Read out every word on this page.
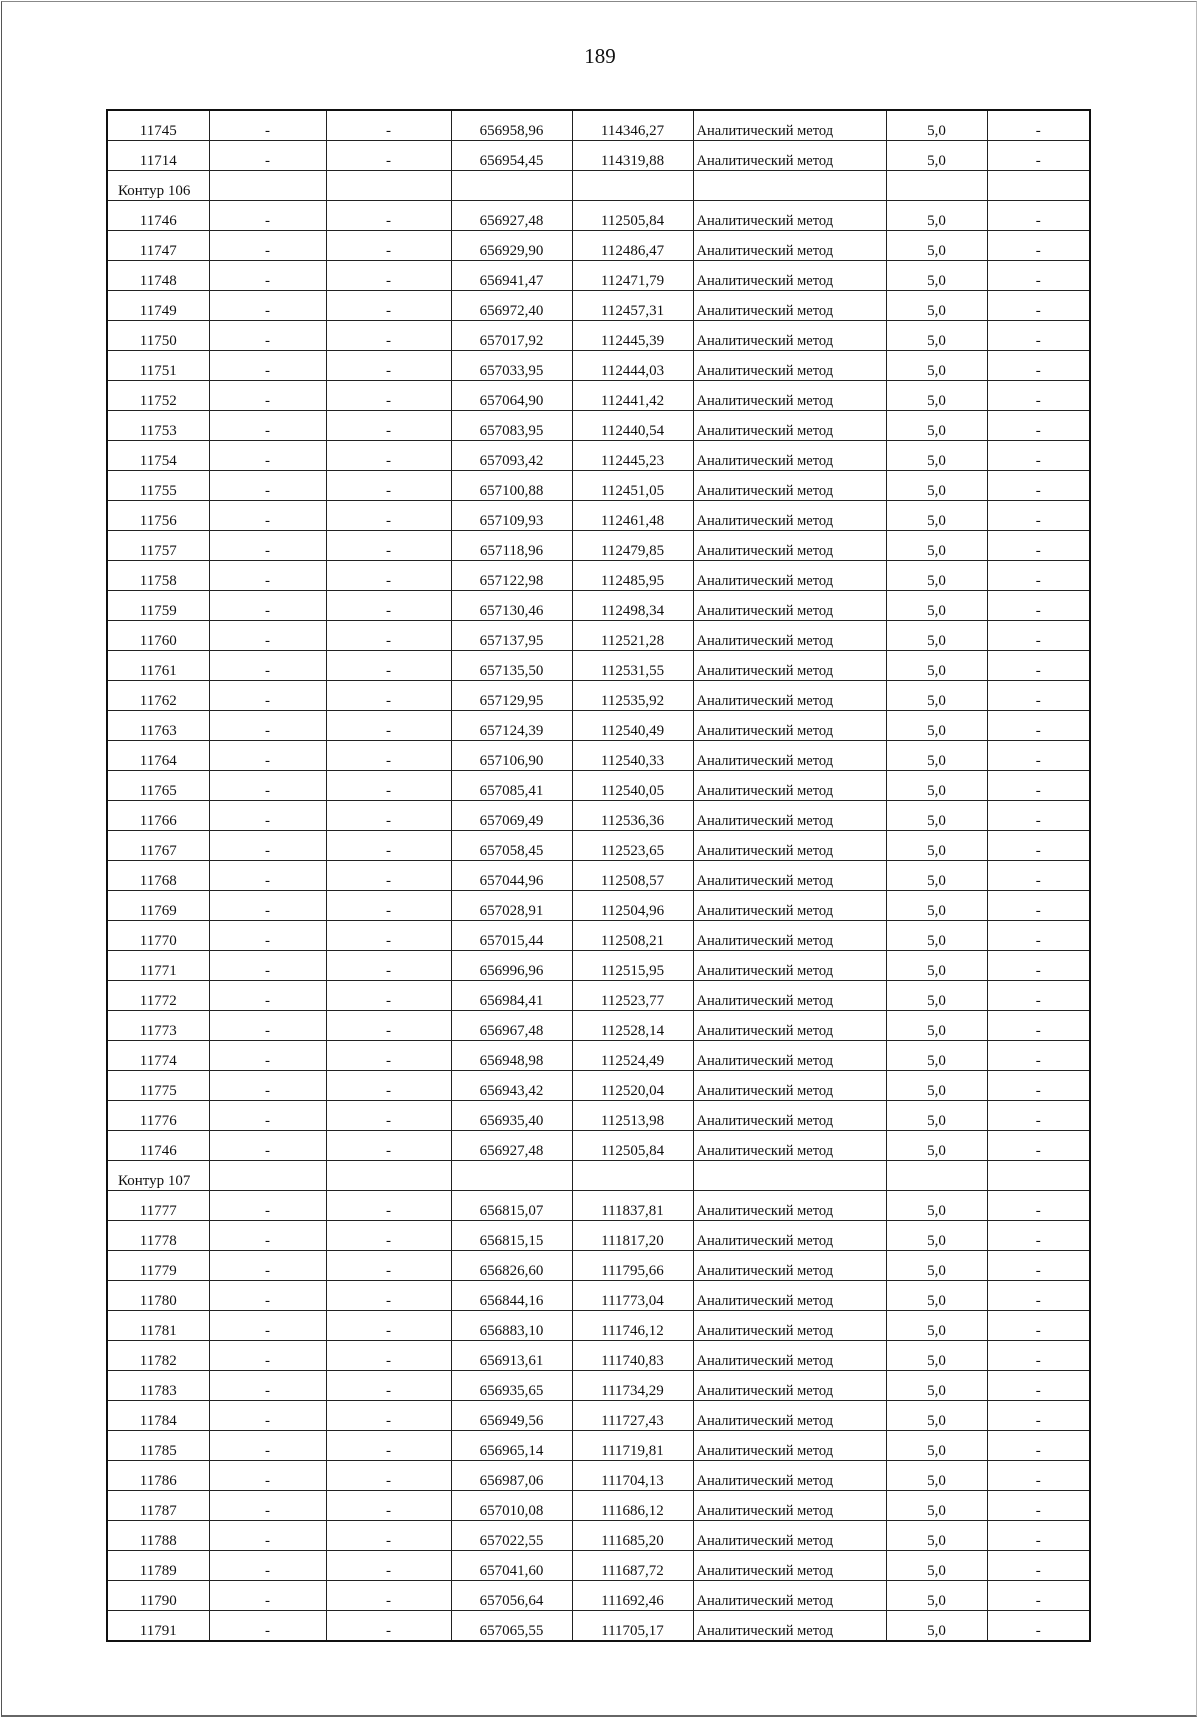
189
11745	-	-	656958,96	114346,27	Аналитический метод	5,0	-
11714	-	-	656954,45	114319,88	Аналитический метод	5,0	-
Контур 106							
11746	-	-	656927,48	112505,84	Аналитический метод	5,0	-
11747	-	-	656929,90	112486,47	Аналитический метод	5,0	-
11748	-	-	656941,47	112471,79	Аналитический метод	5,0	-
11749	-	-	656972,40	112457,31	Аналитический метод	5,0	-
11750	-	-	657017,92	112445,39	Аналитический метод	5,0	-
11751	-	-	657033,95	112444,03	Аналитический метод	5,0	-
11752	-	-	657064,90	112441,42	Аналитический метод	5,0	-
11753	-	-	657083,95	112440,54	Аналитический метод	5,0	-
11754	-	-	657093,42	112445,23	Аналитический метод	5,0	-
11755	-	-	657100,88	112451,05	Аналитический метод	5,0	-
11756	-	-	657109,93	112461,48	Аналитический метод	5,0	-
11757	-	-	657118,96	112479,85	Аналитический метод	5,0	-
11758	-	-	657122,98	112485,95	Аналитический метод	5,0	-
11759	-	-	657130,46	112498,34	Аналитический метод	5,0	-
11760	-	-	657137,95	112521,28	Аналитический метод	5,0	-
11761	-	-	657135,50	112531,55	Аналитический метод	5,0	-
11762	-	-	657129,95	112535,92	Аналитический метод	5,0	-
11763	-	-	657124,39	112540,49	Аналитический метод	5,0	-
11764	-	-	657106,90	112540,33	Аналитический метод	5,0	-
11765	-	-	657085,41	112540,05	Аналитический метод	5,0	-
11766	-	-	657069,49	112536,36	Аналитический метод	5,0	-
11767	-	-	657058,45	112523,65	Аналитический метод	5,0	-
11768	-	-	657044,96	112508,57	Аналитический метод	5,0	-
11769	-	-	657028,91	112504,96	Аналитический метод	5,0	-
11770	-	-	657015,44	112508,21	Аналитический метод	5,0	-
11771	-	-	656996,96	112515,95	Аналитический метод	5,0	-
11772	-	-	656984,41	112523,77	Аналитический метод	5,0	-
11773	-	-	656967,48	112528,14	Аналитический метод	5,0	-
11774	-	-	656948,98	112524,49	Аналитический метод	5,0	-
11775	-	-	656943,42	112520,04	Аналитический метод	5,0	-
11776	-	-	656935,40	112513,98	Аналитический метод	5,0	-
11746	-	-	656927,48	112505,84	Аналитический метод	5,0	-
Контур 107							
11777	-	-	656815,07	111837,81	Аналитический метод	5,0	-
11778	-	-	656815,15	111817,20	Аналитический метод	5,0	-
11779	-	-	656826,60	111795,66	Аналитический метод	5,0	-
11780	-	-	656844,16	111773,04	Аналитический метод	5,0	-
11781	-	-	656883,10	111746,12	Аналитический метод	5,0	-
11782	-	-	656913,61	111740,83	Аналитический метод	5,0	-
11783	-	-	656935,65	111734,29	Аналитический метод	5,0	-
11784	-	-	656949,56	111727,43	Аналитический метод	5,0	-
11785	-	-	656965,14	111719,81	Аналитический метод	5,0	-
11786	-	-	656987,06	111704,13	Аналитический метод	5,0	-
11787	-	-	657010,08	111686,12	Аналитический метод	5,0	-
11788	-	-	657022,55	111685,20	Аналитический метод	5,0	-
11789	-	-	657041,60	111687,72	Аналитический метод	5,0	-
11790	-	-	657056,64	111692,46	Аналитический метод	5,0	-
11791	-	-	657065,55	111705,17	Аналитический метод	5,0	-
